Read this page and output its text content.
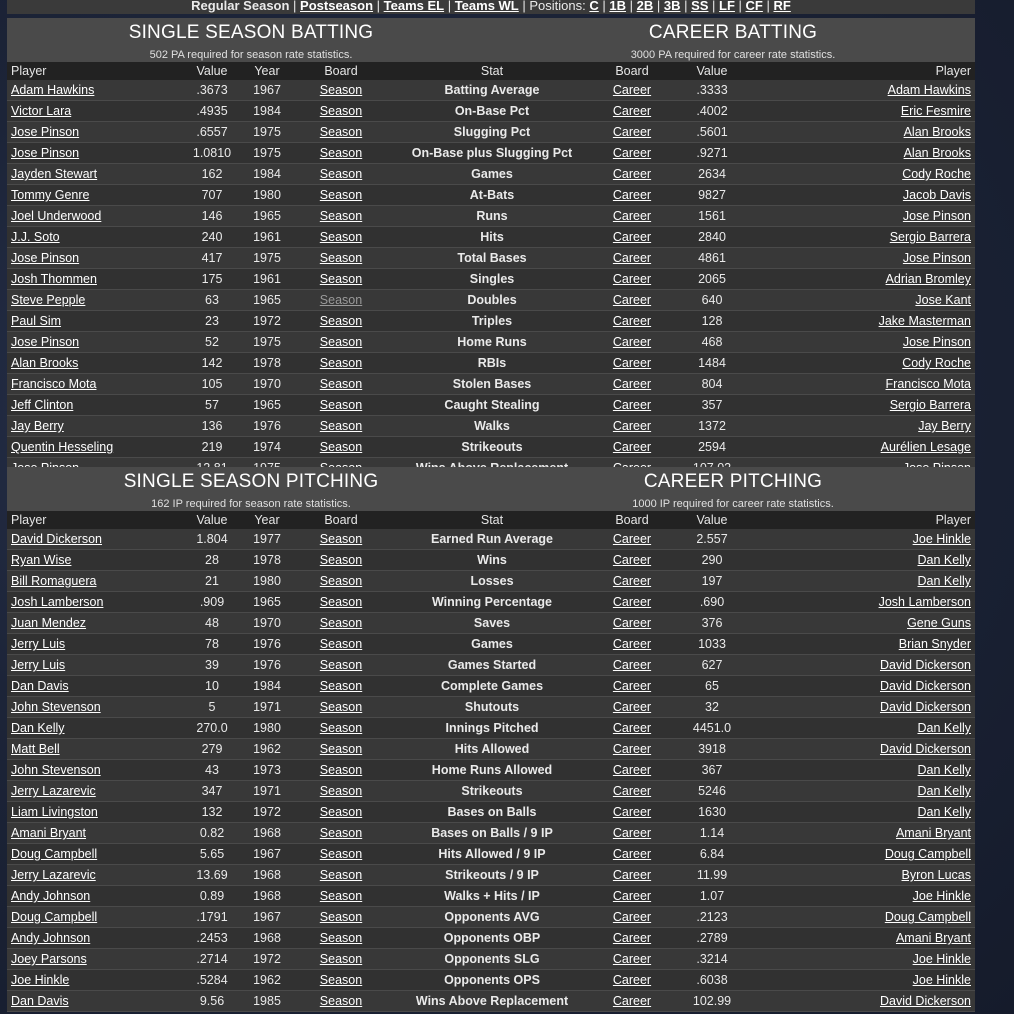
Regular Season | Postseason | Teams EL | Teams WL | Positions: C | 1B | 2B | 3B | SS | LF | CF | RF
SINGLE SEASON BATTING
502 PA required for season rate statistics.
CAREER BATTING
3000 PA required for career rate statistics.
Player	Value	Year	Board	Stat	Board	Value	Player
Adam Hawkins	.3673	1967	Season	Batting Average	Career	.3333	Adam Hawkins
Victor Lara	.4935	1984	Season	On-Base Pct	Career	.4002	Eric Fesmire
Jose Pinson	.6557	1975	Season	Slugging Pct	Career	.5601	Alan Brooks
Jose Pinson	1.0810	1975	Season	On-Base plus Slugging Pct	Career	.9271	Alan Brooks
Jayden Stewart	162	1984	Season	Games	Career	2634	Cody Roche
Tommy Genre	707	1980	Season	At-Bats	Career	9827	Jacob Davis
Joel Underwood	146	1965	Season	Runs	Career	1561	Jose Pinson
J.J. Soto	240	1961	Season	Hits	Career	2840	Sergio Barrera
Jose Pinson	417	1975	Season	Total Bases	Career	4861	Jose Pinson
Josh Thommen	175	1961	Season	Singles	Career	2065	Adrian Bromley
Steve Pepple	63	1965	Season	Doubles	Career	640	Jose Kant
Paul Sim	23	1972	Season	Triples	Career	128	Jake Masterman
Jose Pinson	52	1975	Season	Home Runs	Career	468	Jose Pinson
Alan Brooks	142	1978	Season	RBIs	Career	1484	Cody Roche
Francisco Mota	105	1970	Season	Stolen Bases	Career	804	Francisco Mota
Jeff Clinton	57	1965	Season	Caught Stealing	Career	357	Sergio Barrera
Jay Berry	136	1976	Season	Walks	Career	1372	Jay Berry
Quentin Hesseling	219	1974	Season	Strikeouts	Career	2594	Aurélien Lesage

SINGLE SEASON PITCHING
162 IP required for season rate statistics.
CAREER PITCHING
1000 IP required for career rate statistics.
Player	Value	Year	Board	Stat	Board	Value	Player
David Dickerson	1.804	1977	Season	Earned Run Average	Career	2.557	Joe Hinkle
Ryan Wise	28	1978	Season	Wins	Career	290	Dan Kelly
Bill Romaguera	21	1980	Season	Losses	Career	197	Dan Kelly
Josh Lamberson	.909	1965	Season	Winning Percentage	Career	.690	Josh Lamberson
Juan Mendez	48	1970	Season	Saves	Career	376	Gene Guns
Jerry Luis	78	1976	Season	Games	Career	1033	Brian Snyder
Jerry Luis	39	1976	Season	Games Started	Career	627	David Dickerson
Dan Davis	10	1984	Season	Complete Games	Career	65	David Dickerson
John Stevenson	5	1971	Season	Shutouts	Career	32	David Dickerson
Dan Kelly	270.0	1980	Season	Innings Pitched	Career	4451.0	Dan Kelly
Matt Bell	279	1962	Season	Hits Allowed	Career	3918	David Dickerson
John Stevenson	43	1973	Season	Home Runs Allowed	Career	367	Dan Kelly
Jerry Lazarevic	347	1971	Season	Strikeouts	Career	5246	Dan Kelly
Liam Livingston	132	1972	Season	Bases on Balls	Career	1630	Dan Kelly
Amani Bryant	0.82	1968	Season	Bases on Balls / 9 IP	Career	1.14	Amani Bryant
Doug Campbell	5.65	1967	Season	Hits Allowed / 9 IP	Career	6.84	Doug Campbell
Jerry Lazarevic	13.69	1968	Season	Strikeouts / 9 IP	Career	11.99	Byron Lucas
Andy Johnson	0.89	1968	Season	Walks + Hits / IP	Career	1.07	Joe Hinkle
Doug Campbell	.1791	1967	Season	Opponents AVG	Career	.2123	Doug Campbell
Andy Johnson	.2453	1968	Season	Opponents OBP	Career	.2789	Amani Bryant
Joey Parsons	.2714	1972	Season	Opponents SLG	Career	.3214	Joe Hinkle
Joe Hinkle	.5284	1962	Season	Opponents OPS	Career	.6038	Joe Hinkle
Dan Davis	9.56	1985	Season	Wins Above Replacement	Career	102.99	David Dickerson
